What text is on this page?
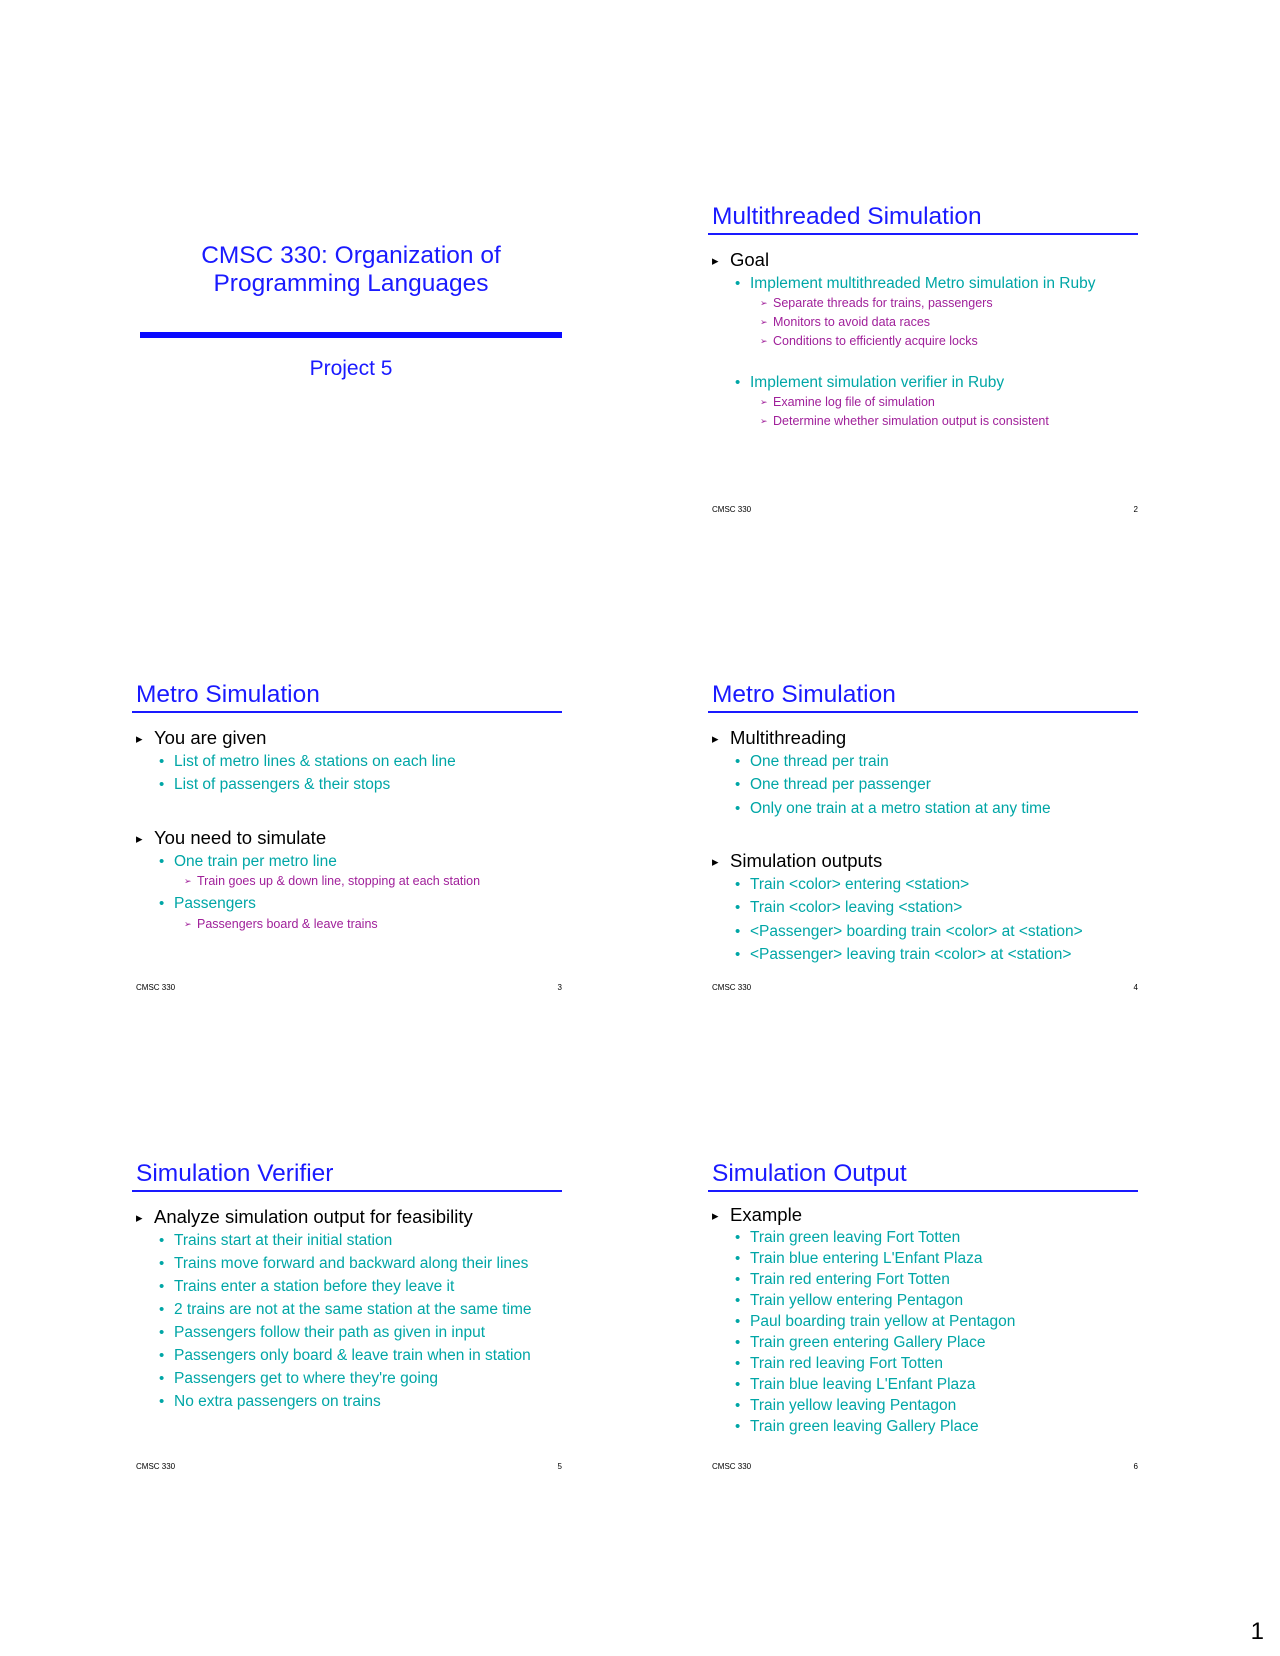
CMSC 330: Organization of
Programming Languages
Project 5
Multithreaded Simulation
▸ Goal
• Implement multithreaded Metro simulation in Ruby
➢ Separate threads for trains, passengers
➢ Monitors to avoid data races
➢ Conditions to efficiently acquire locks
• Implement simulation verifier in Ruby
➢ Examine log file of simulation
➢ Determine whether simulation output is consistent
CMSC 330	2
Metro Simulation
▸ You are given
• List of metro lines & stations on each line
• List of passengers & their stops
▸ You need to simulate
• One train per metro line
➢ Train goes up & down line, stopping at each station
• Passengers
➢ Passengers board & leave trains
CMSC 330	3
Metro Simulation
▸ Multithreading
• One thread per train
• One thread per passenger
• Only one train at a metro station at any time
▸ Simulation outputs
• Train <color> entering <station>
• Train <color> leaving <station>
• <Passenger> boarding train <color> at <station>
• <Passenger> leaving train <color> at <station>
CMSC 330	4
Simulation Verifier
▸ Analyze simulation output for feasibility
• Trains start at their initial station
• Trains move forward and backward along their lines
• Trains enter a station before they leave it
• 2 trains are not at the same station at the same time
• Passengers follow their path as given in input
• Passengers only board & leave train when in station
• Passengers get to where they're going
• No extra passengers on trains
CMSC 330	5
Simulation Output
▸ Example
• Train green leaving Fort Totten
• Train blue entering L'Enfant Plaza
• Train red entering Fort Totten
• Train yellow entering Pentagon
• Paul boarding train yellow at Pentagon
• Train green entering Gallery Place
• Train red leaving Fort Totten
• Train blue leaving L'Enfant Plaza
• Train yellow leaving Pentagon
• Train green leaving Gallery Place
CMSC 330	6
1
